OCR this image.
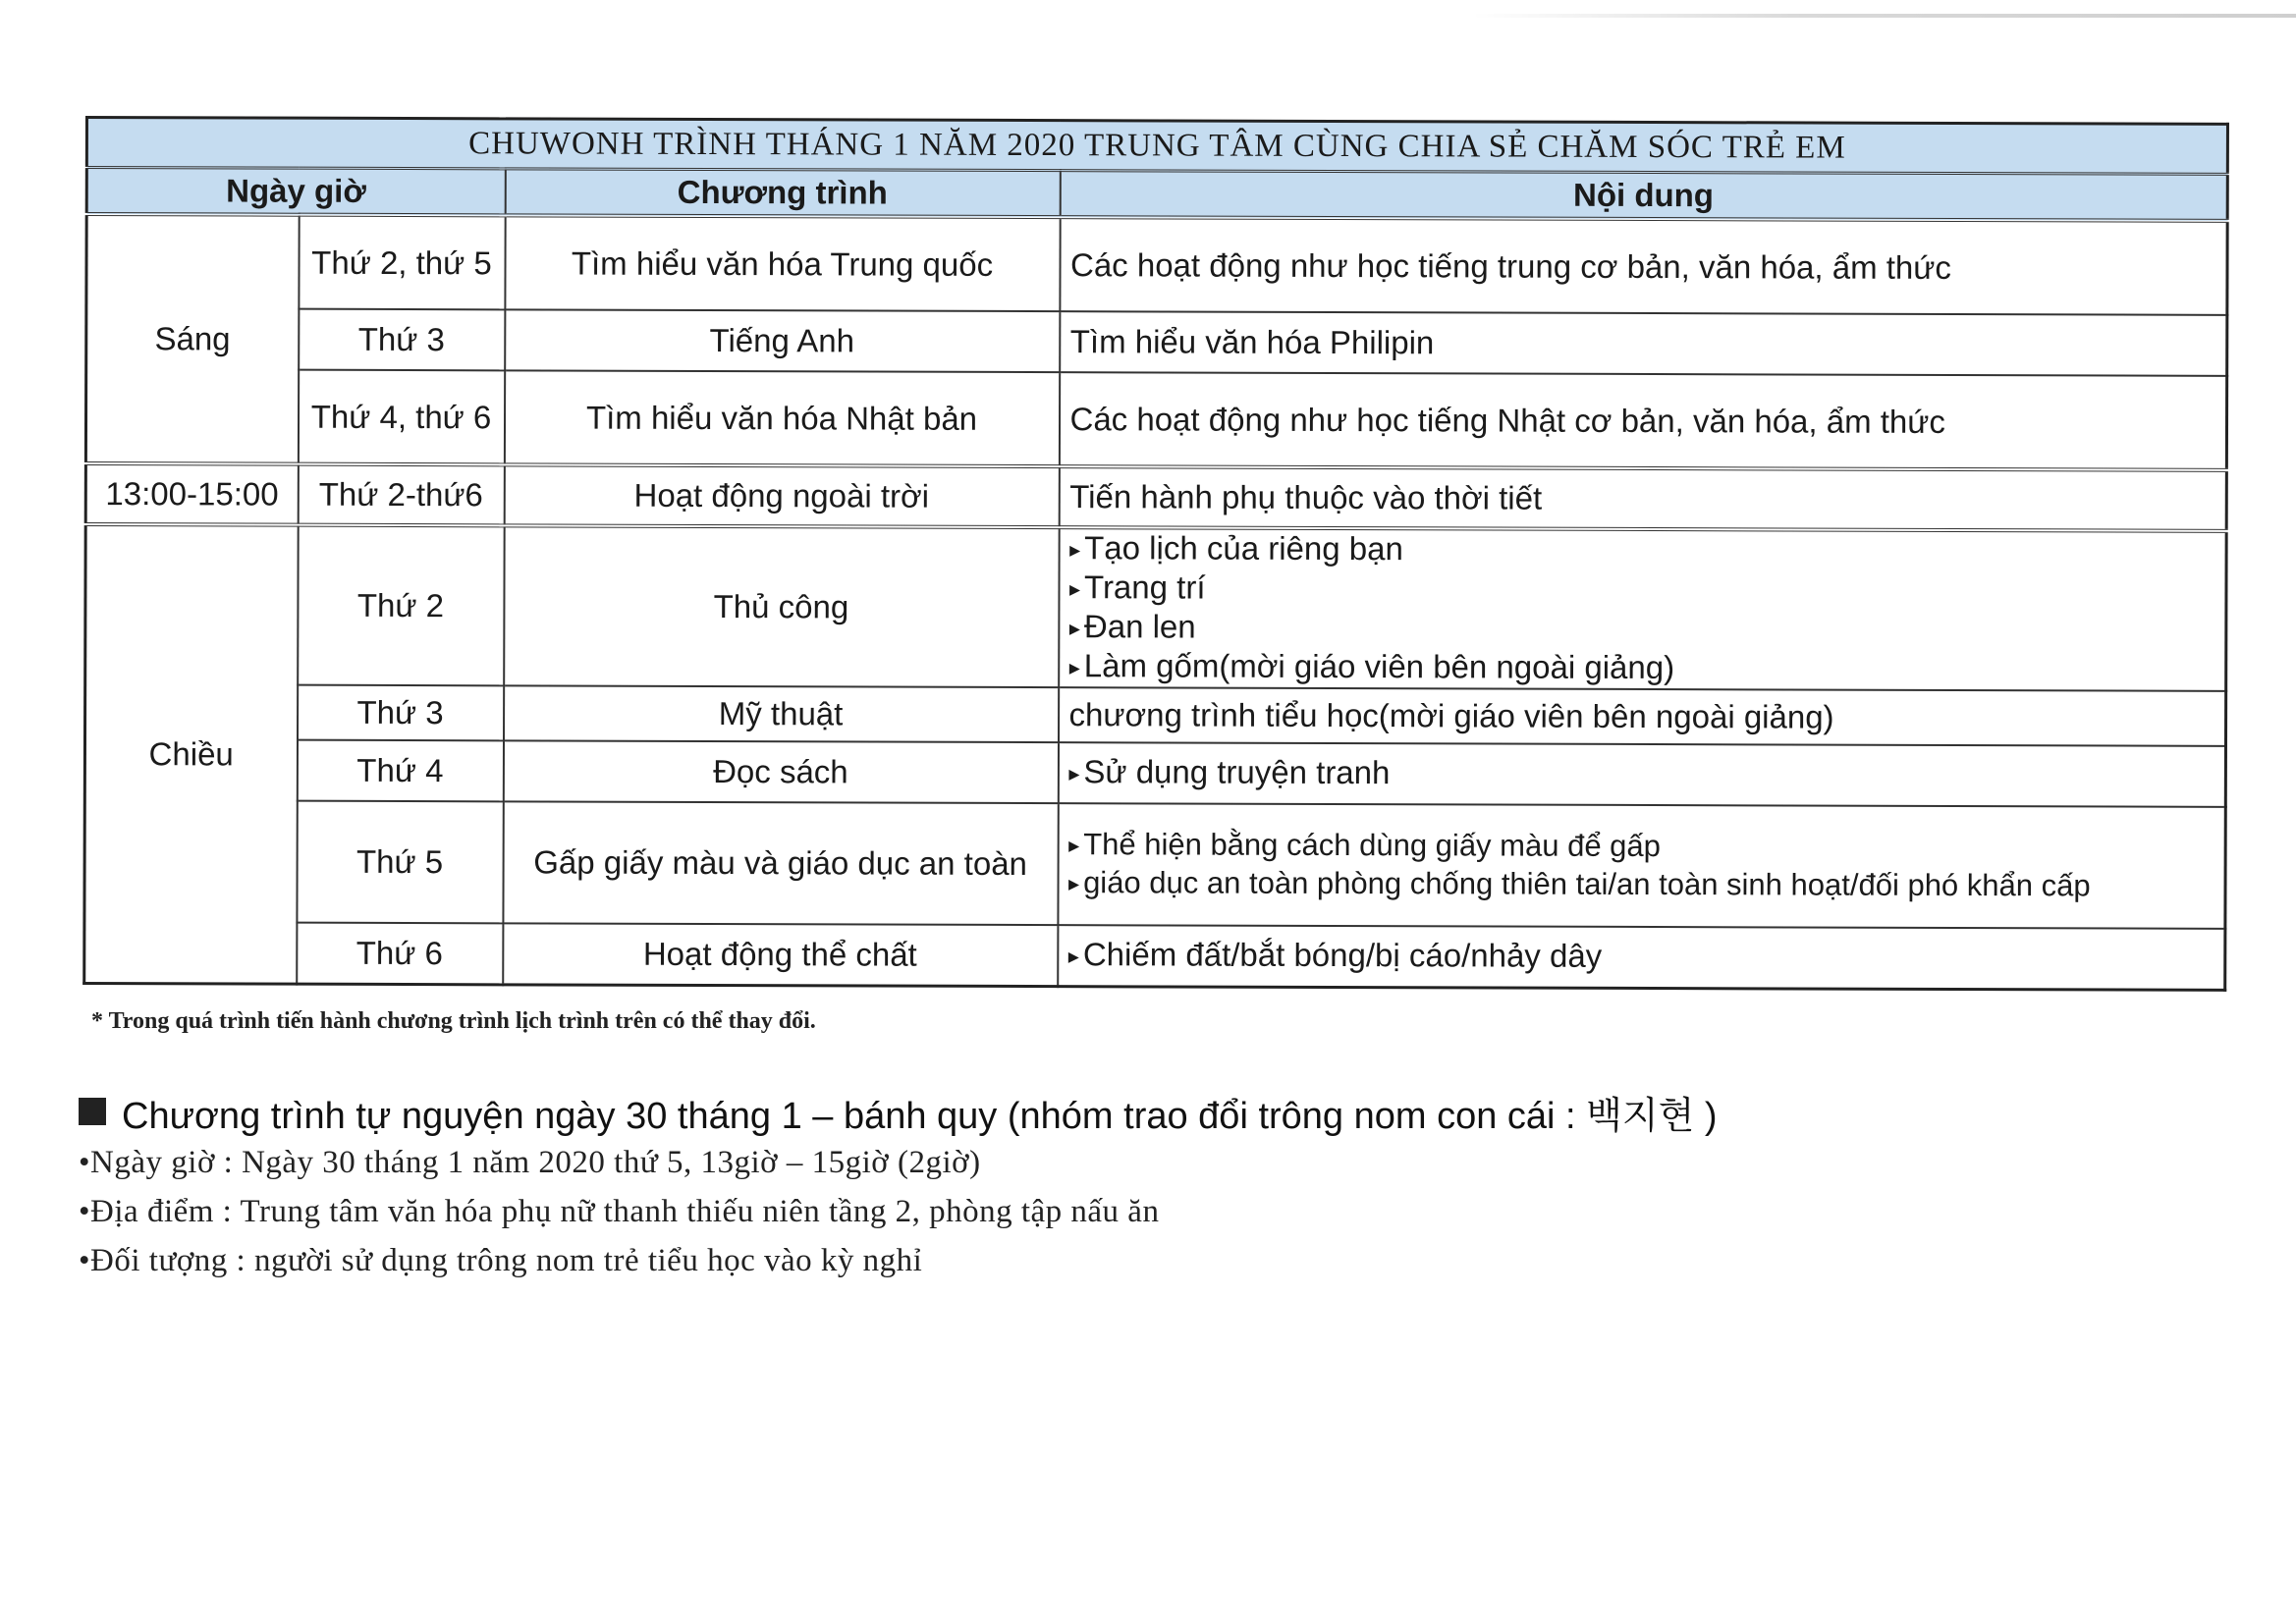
CHUWONH TRÌNH THÁNG 1 NĂM 2020 TRUNG TÂM CÙNG CHIA SẺ CHĂM SÓC TRẺ EM			
Ngày giờ		Chương trình	Nội dung
Sáng	Thứ 2, thứ 5	Tìm hiểu văn hóa Trung quốc	Các hoạt động như học tiếng trung cơ bản, văn hóa, ẩm thức
	Thứ 3	Tiếng Anh	Tìm hiểu văn hóa Philipin
	Thứ 4, thứ 6	Tìm hiểu văn hóa Nhật bản	Các hoạt động như học tiếng Nhật cơ bản, văn hóa, ẩm thức
13:00-15:00	Thứ 2-thứ6	Hoạt động ngoài trời	Tiến hành phụ thuộc vào thời tiết
Chiều	Thứ 2	Thủ công	▸ Tạo lịch của riêng bạn
▸ Trang trí
▸ Đan len
▸ Làm gốm(mời giáo viên bên ngoài giảng)

	Thứ 3	Mỹ thuật	chương trình tiểu học(mời giáo viên bên ngoài giảng)
	Thứ 4	Đọc sách	▸ Sử dụng truyện tranh

	Thứ 5	Gấp giấy màu và giáo dục an toàn	▸ Thể hiện bằng cách dùng giấy màu để gấp
▸ giáo dục an toàn phòng chống thiên tai/an toàn sinh hoạt/đối phó khẩn cấp

	Thứ 6	Hoạt động thể chất	▸ Chiếm đất/bắt bóng/bị cáo/nhảy dây
* Trong quá trình tiến hành chương trình lịch trình trên có thể thay đổi.
Chương trình tự nguyện ngày 30 tháng 1 – bánh quy (nhóm trao đổi trông nom con cái : 백지현 )
•Ngày giờ : Ngày 30 tháng 1 năm 2020 thứ 5, 13giờ – 15giờ (2giờ)
•Địa điểm : Trung tâm văn hóa phụ nữ thanh thiếu niên tầng 2, phòng tập nấu ăn
•Đối tượng : người sử dụng trông nom trẻ tiểu học vào kỳ nghỉ
